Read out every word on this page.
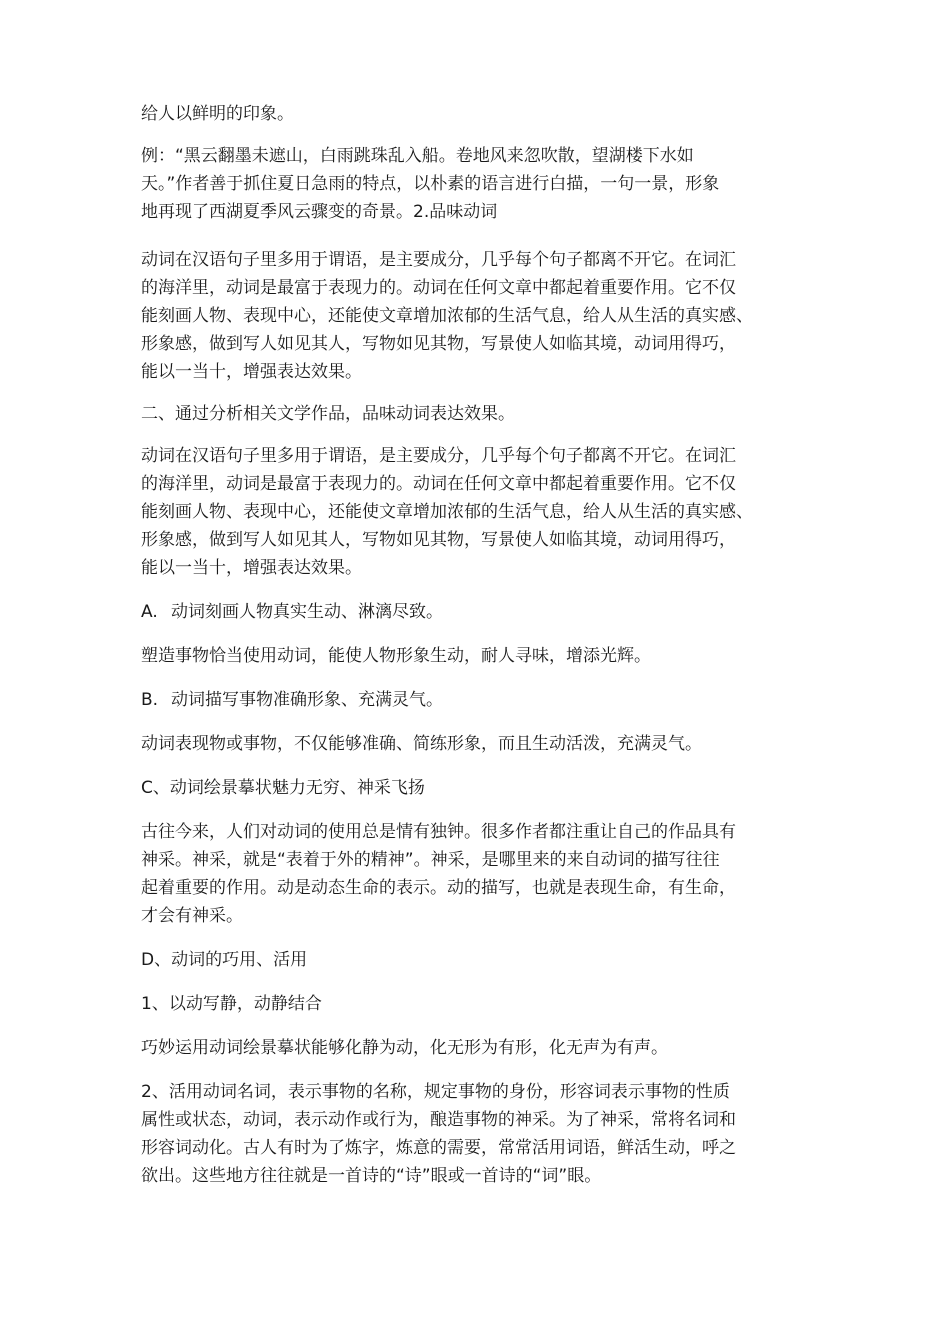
给人以鲜明的印象。

例：“黑云翻墨未遮山，白雨跳珠乱入船。卷地风来忽吹散，望湖楼下水如
天。”作者善于抓住夏日急雨的特点，以朴素的语言进行白描，一句一景，形象
地再现了西湖夏季风云骤变的奇景。2.品味动词

动词在汉语句子里多用于谓语，是主要成分，几乎每个句子都离不开它。在词汇
的海洋里，动词是最富于表现力的。动词在任何文章中都起着重要作用。它不仅
能刻画人物、表现中心，还能使文章增加浓郁的生活气息，给人从生活的真实感、
形象感，做到写人如见其人，写物如见其物，写景使人如临其境，动词用得巧，
能以一当十，增强表达效果。

二、通过分析相关文学作品，品味动词表达效果。

动词在汉语句子里多用于谓语，是主要成分，几乎每个句子都离不开它。在词汇
的海洋里，动词是最富于表现力的。动词在任何文章中都起着重要作用。它不仅
能刻画人物、表现中心，还能使文章增加浓郁的生活气息，给人从生活的真实感、
形象感，做到写人如见其人，写物如见其物，写景使人如临其境，动词用得巧，
能以一当十，增强表达效果。

A. 动词刻画人物真实生动、淋漓尽致。

塑造事物恰当使用动词，能使人物形象生动，耐人寻味，增添光辉。

B. 动词描写事物准确形象、充满灵气。

动词表现物或事物，不仅能够准确、简练形象，而且生动活泼，充满灵气。

C、动词绘景摹状魅力无穷、神采飞扬

古往今来，人们对动词的使用总是情有独钟。很多作者都注重让自己的作品具有
神采。神采，就是“表着于外的精神”。神采，是哪里来的来自动词的描写往往
起着重要的作用。动是动态生命的表示。动的描写，也就是表现生命，有生命，
才会有神采。

D、动词的巧用、活用

1、以动写静，动静结合

巧妙运用动词绘景摹状能够化静为动，化无形为有形，化无声为有声。

2、活用动词名词，表示事物的名称，规定事物的身份，形容词表示事物的性质
属性或状态，动词，表示动作或行为，酿造事物的神采。为了神采，常将名词和
形容词动化。古人有时为了炼字，炼意的需要，常常活用词语，鲜活生动，呼之
欲出。这些地方往往就是一首诗的“诗”眼或一首诗的“词”眼。
